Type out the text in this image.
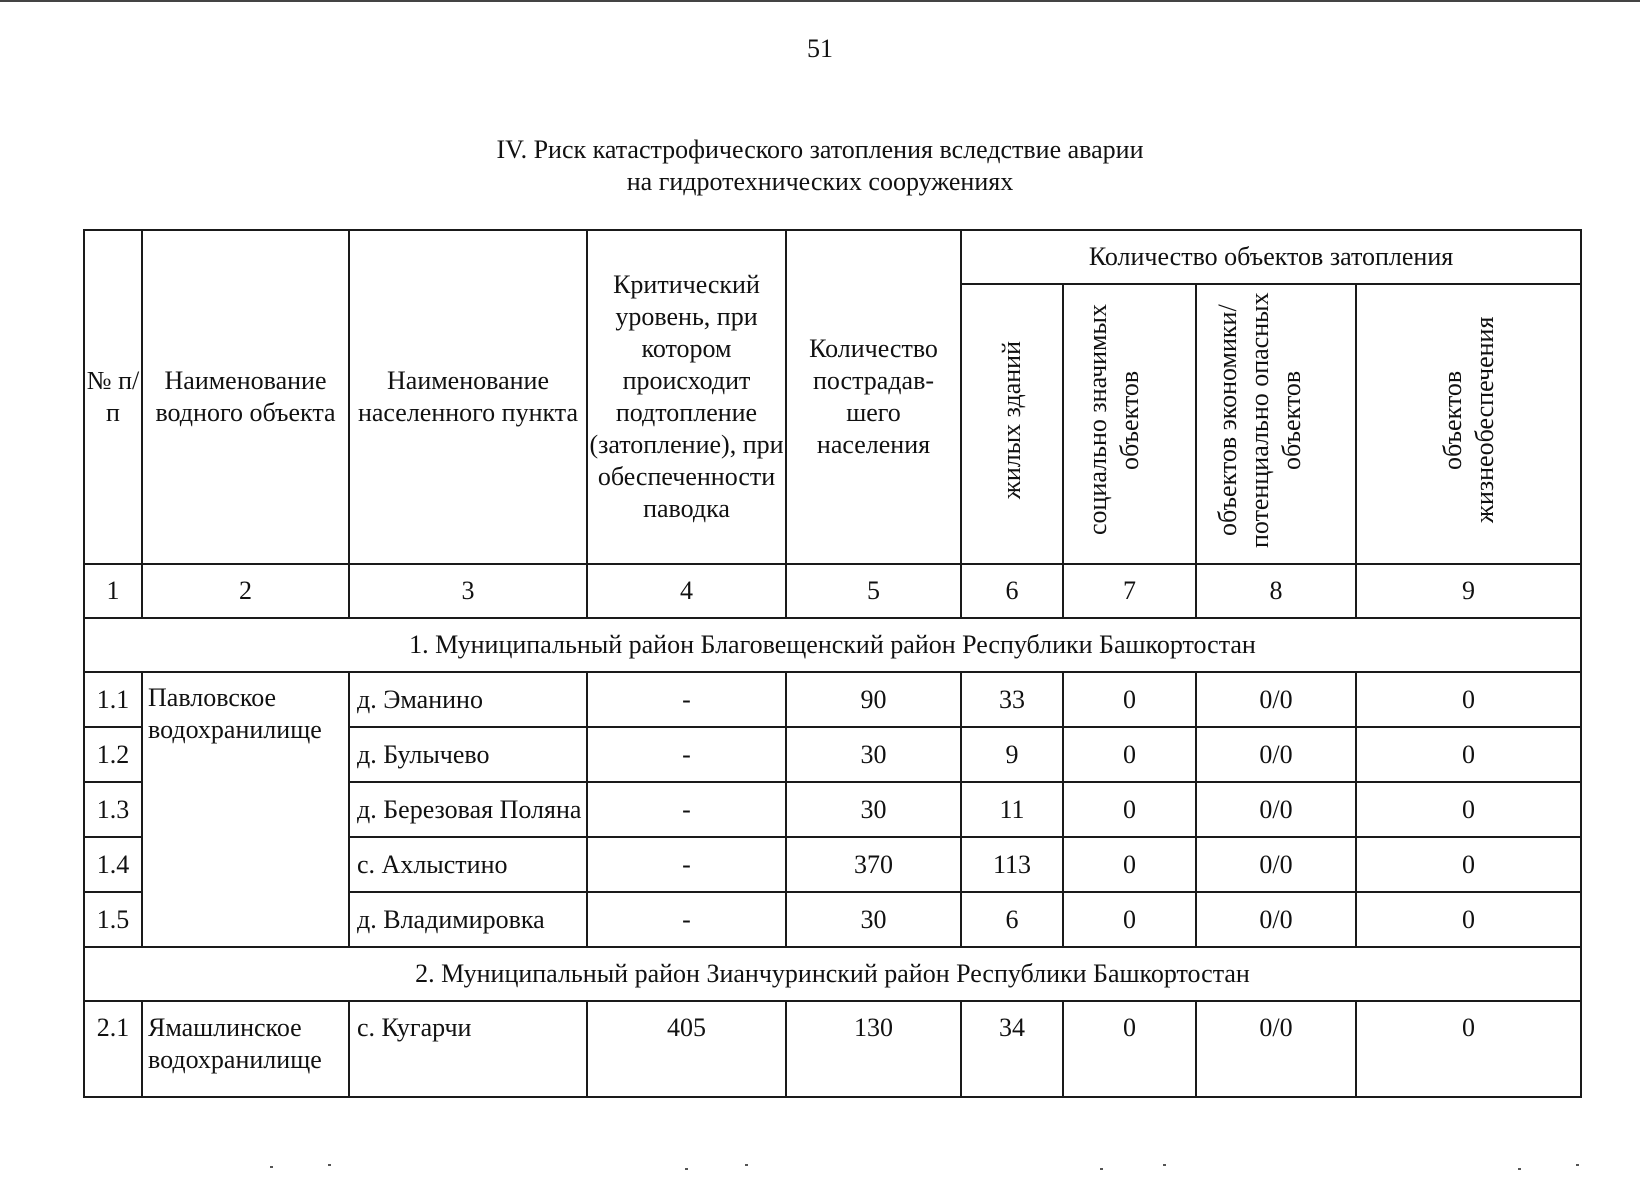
51
IV. Риск катастрофического затопления вследствие аварии
на гидротехнических сооружениях
№ п/п	Наименование водного объекта	Наименование населенного пункта	Критический уровень, при котором происходит подтопление (затопление), при обеспеченности паводка	Количество пострадав-шего населения	Количество объектов затопления			
					жилых зданий	социально значимых объектов	объектов экономики/ потенциально опасных объектов	объектов жизнеобеспечения
1	2	3	4	5	6	7	8	9
1. Муниципальный район Благовещенский район Республики Башкортостан								
1.1	Павловское водохранилище	д. Эманино	-	90	33	0	0/0	0
1.2		д. Булычево	-	30	9	0	0/0	0
1.3		д. Березовая Поляна	-	30	11	0	0/0	0
1.4		с. Ахлыстино	-	370	113	0	0/0	0
1.5		д. Владимировка	-	30	6	0	0/0	0
2. Муниципальный район Зианчуринский район Республики Башкортостан								
2.1	Ямашлинское водохранилище	с. Кугарчи	405	130	34	0	0/0	0
